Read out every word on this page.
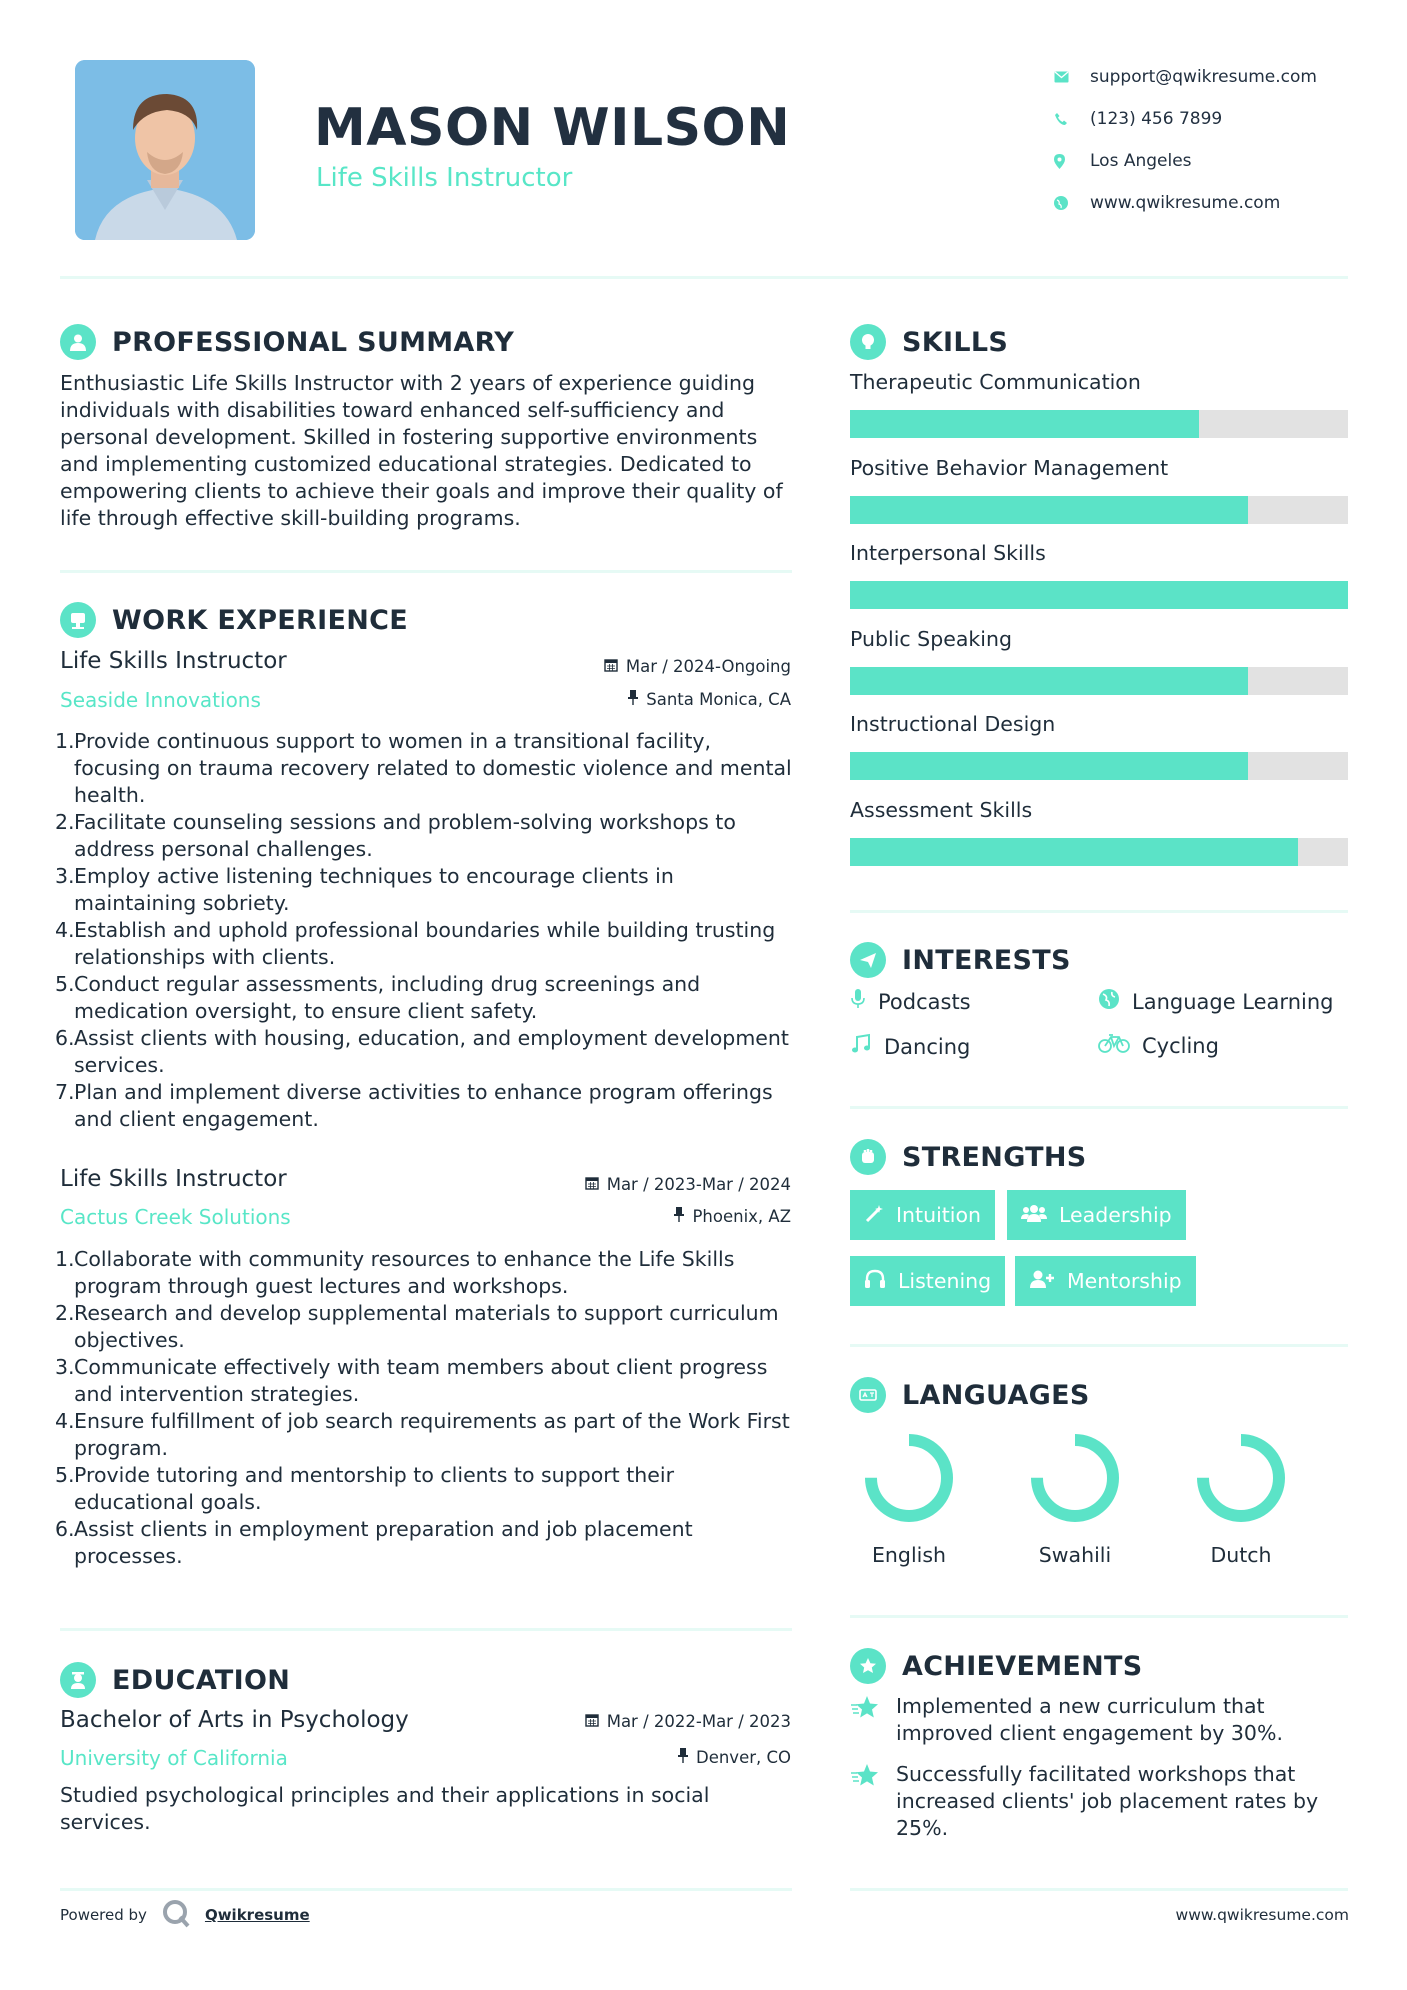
MASON WILSON
Life Skills Instructor
support@qwikresume.com
(123) 456 7899
Los Angeles
www.qwikresume.com
PROFESSIONAL SUMMARY

Enthusiastic Life Skills Instructor with 2 years of experience guiding individuals with disabilities toward enhanced self-sufficiency and personal development. Skilled in fostering supportive environments and implementing customized educational strategies. Dedicated to empowering clients to achieve their goals and improve their quality of life through effective skill-building programs.

WORK EXPERIENCE
Life Skills Instructor	Mar / 2024-Ongoing
Seaside Innovations	Santa Monica, CA
1. Provide continuous support to women in a transitional facility, focusing on trauma recovery related to domestic violence and mental health.
2. Facilitate counseling sessions and problem-solving workshops to address personal challenges.
3. Employ active listening techniques to encourage clients in maintaining sobriety.
4. Establish and uphold professional boundaries while building trusting relationships with clients.
5. Conduct regular assessments, including drug screenings and medication oversight, to ensure client safety.
6. Assist clients with housing, education, and employment development services.
7. Plan and implement diverse activities to enhance program offerings and client engagement.
Life Skills Instructor	Mar / 2023-Mar / 2024
Cactus Creek Solutions	Phoenix, AZ
1. Collaborate with community resources to enhance the Life Skills program through guest lectures and workshops.
2. Research and develop supplemental materials to support curriculum objectives.
3. Communicate effectively with team members about client progress and intervention strategies.
4. Ensure fulfillment of job search requirements as part of the Work First program.
5. Provide tutoring and mentorship to clients to support their educational goals.
6. Assist clients in employment preparation and job placement processes.
EDUCATION
Bachelor of Arts in Psychology	Mar / 2022-Mar / 2023
University of California	Denver, CO

Studied psychological principles and their applications in social services.

SKILLS
Therapeutic Communication
Positive Behavior Management
Interpersonal Skills
Public Speaking
Instructional Design
Assessment Skills
INTERESTS
Podcasts	Language Learning
Dancing	Cycling
STRENGTHS
Intuition	Leadership
Listening	Mentorship
LANGUAGES
English	Swahili	Dutch
ACHIEVEMENTS
Implemented a new curriculum that improved client engagement by 30%.
Successfully facilitated workshops that increased clients' job placement rates by 25%.
Powered by	Qwikresume	www.qwikresume.com
